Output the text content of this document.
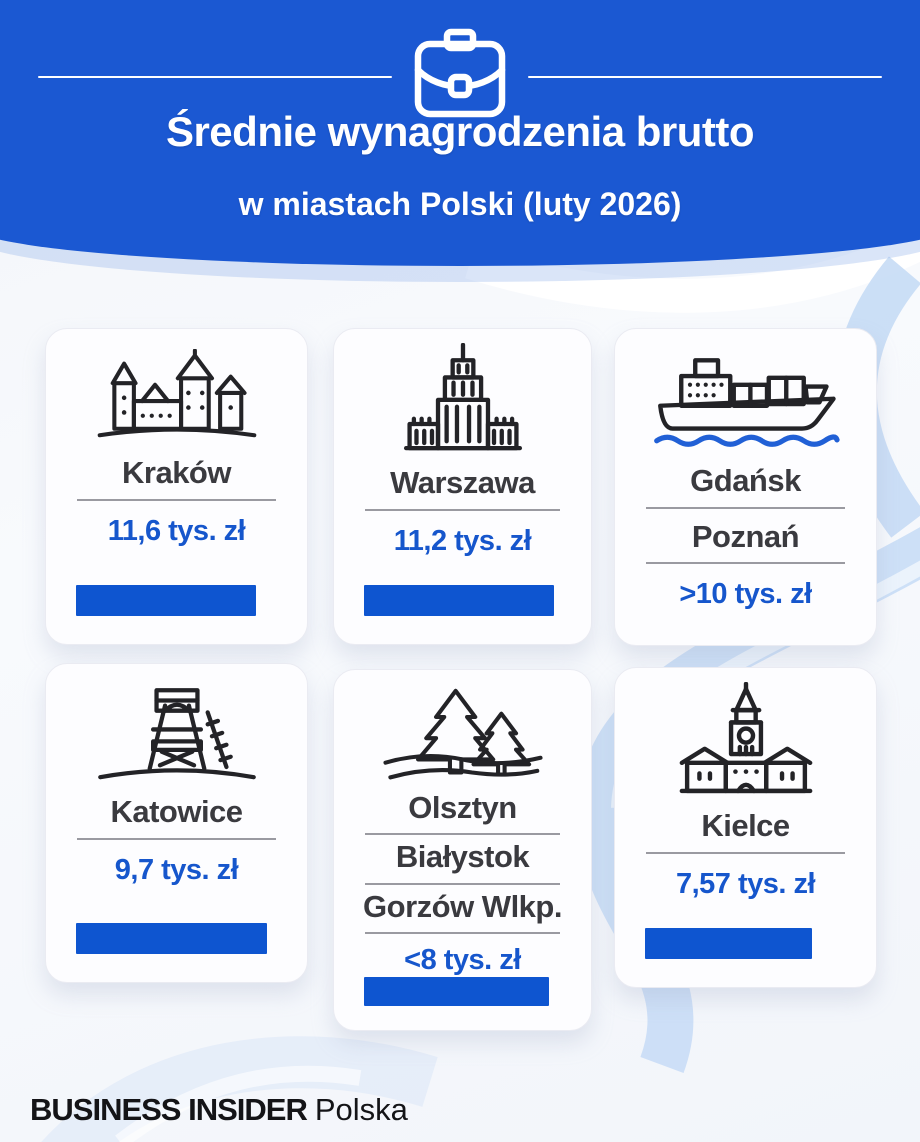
Średnie wynagrodzenia brutto
w miastach Polski (luty 2026)
Kraków
11,6 tys. zł
Warszawa
11,2 tys. zł
Gdańsk
Poznań
>10 tys. zł
Katowice
9,7 tys. zł
Olsztyn
Białystok
Gorzów Wlkp.
<8 tys. zł
Kielce
7,57 tys. zł
BUSINESS INSIDER Polska
